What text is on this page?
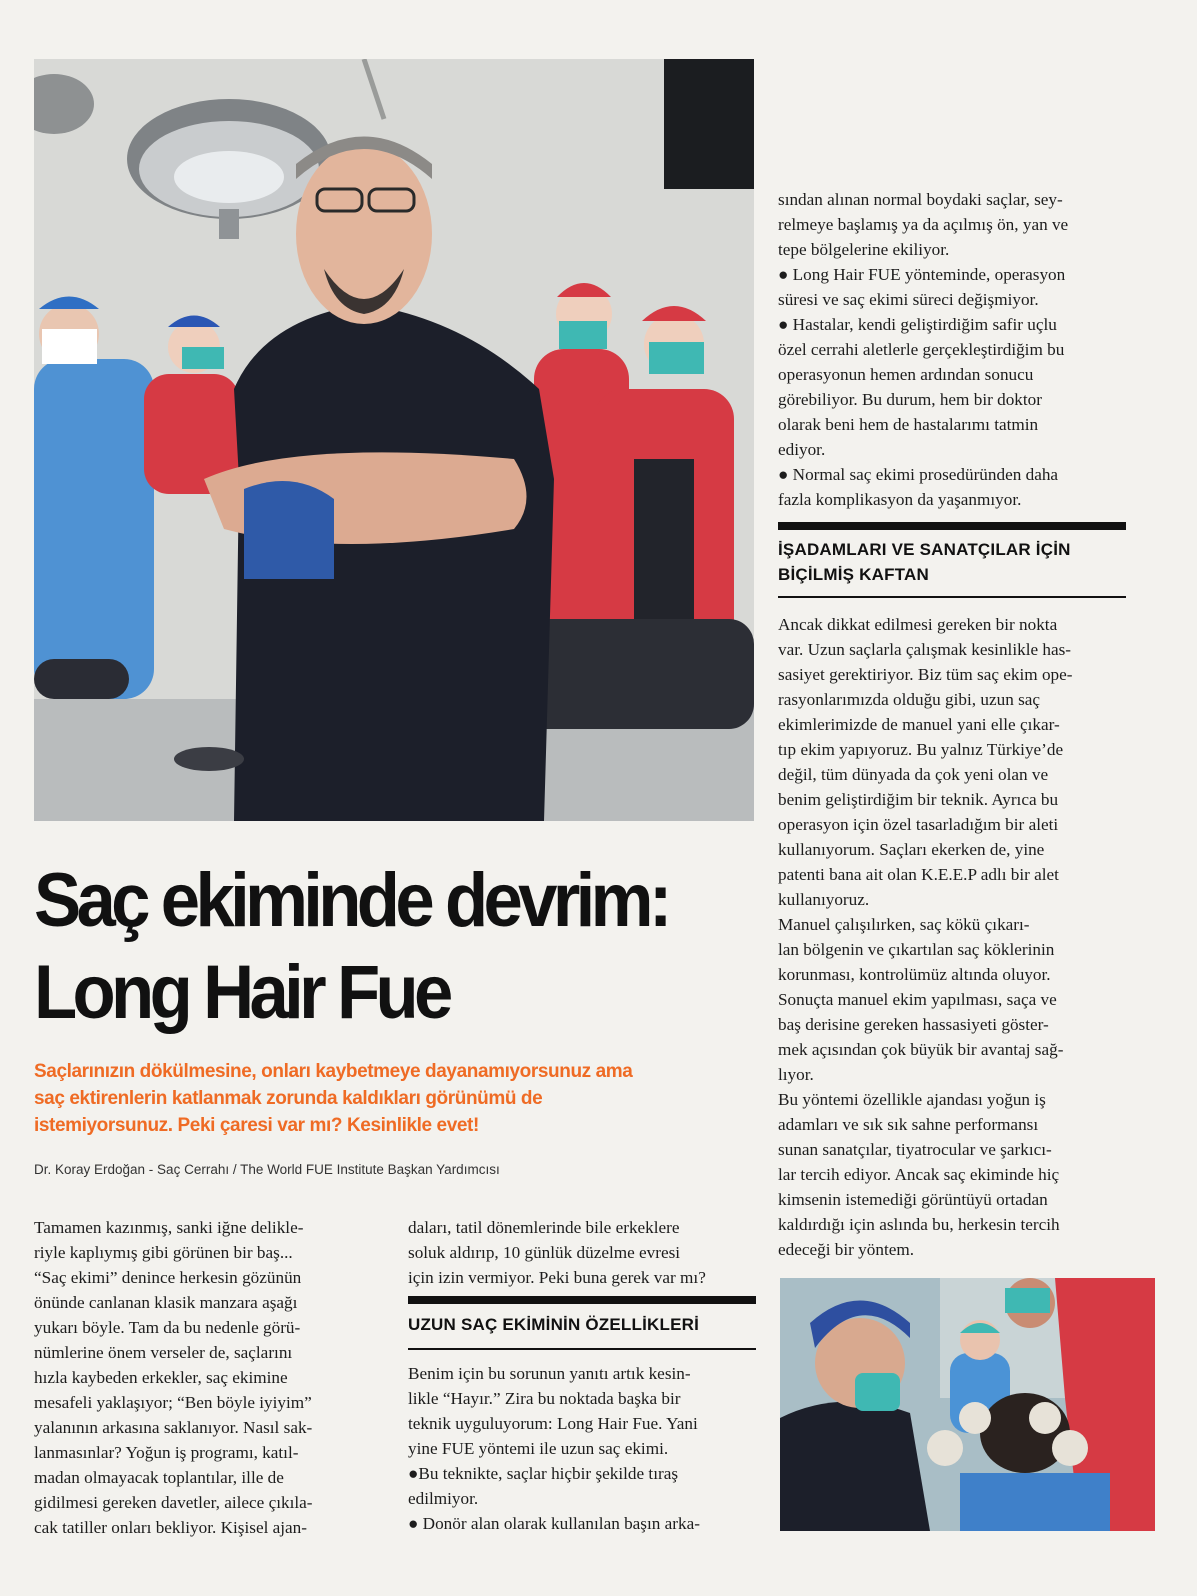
Saç ekiminde devrim:
Long Hair Fue
Saçlarınızın dökülmesine, onları kaybetmeye dayanamıyorsunuz ama
saç ektirenlerin katlanmak zorunda kaldıkları görünümü de
istemiyorsunuz. Peki çaresi var mı? Kesinlikle evet!
Dr. Koray Erdoğan - Saç Cerrahı / The World FUE Institute Başkan Yardımcısı
Tamamen kazınmış, sanki iğne delikle-
riyle kaplıymış gibi görünen bir baş...
“Saç ekimi” denince herkesin gözünün
önünde canlanan klasik manzara aşağı
yukarı böyle. Tam da bu nedenle görü-
nümlerine önem verseler de, saçlarını
hızla kaybeden erkekler, saç ekimine
mesafeli yaklaşıyor; “Ben böyle iyiyim”
yalanının arkasına saklanıyor. Nasıl sak-
lanmasınlar? Yoğun iş programı, katıl-
madan olmayacak toplantılar, ille de
gidilmesi gereken davetler, ailece çıkıla-
cak tatiller onları bekliyor. Kişisel ajan-
daları, tatil dönemlerinde bile erkeklere
soluk aldırıp, 10 günlük düzelme evresi
için izin vermiyor. Peki buna gerek var mı?
UZUN SAÇ EKİMİNİN ÖZELLİKLERİ
Benim için bu sorunun yanıtı artık kesin-
likle “Hayır.” Zira bu noktada başka bir
teknik uyguluyorum: Long Hair Fue. Yani
yine FUE yöntemi ile uzun saç ekimi.
●Bu teknikte, saçlar hiçbir şekilde tıraş
edilmiyor.
● Donör alan olarak kullanılan başın arka-
sından alınan normal boydaki saçlar, sey-
relmeye başlamış ya da açılmış ön, yan ve
tepe bölgelerine ekiliyor.
● Long Hair FUE yönteminde, operasyon
süresi ve saç ekimi süreci değişmiyor.
● Hastalar, kendi geliştirdiğim safir uçlu
özel cerrahi aletlerle gerçekleştirdiğim bu
operasyonun hemen ardından sonucu
görebiliyor. Bu durum, hem bir doktor
olarak beni hem de hastalarımı tatmin
ediyor.
● Normal saç ekimi prosedüründen daha
fazla komplikasyon da yaşanmıyor.
İŞADAMLARI VE SANATÇILAR İÇİN
BİÇİLMİŞ KAFTAN
Ancak dikkat edilmesi gereken bir nokta
var. Uzun saçlarla çalışmak kesinlikle has-
sasiyet gerektiriyor. Biz tüm saç ekim ope-
rasyonlarımızda olduğu gibi, uzun saç
ekimlerimizde de manuel yani elle çıkar-
tıp ekim yapıyoruz. Bu yalnız Türkiye’de
değil, tüm dünyada da çok yeni olan ve
benim geliştirdiğim bir teknik. Ayrıca bu
operasyon için özel tasarladığım bir aleti
kullanıyorum. Saçları ekerken de, yine
patenti bana ait olan K.E.E.P adlı bir alet
kullanıyoruz.
Manuel çalışılırken, saç kökü çıkarı-
lan bölgenin ve çıkartılan saç köklerinin
korunması, kontrolümüz altında oluyor.
Sonuçta manuel ekim yapılması, saça ve
baş derisine gereken hassasiyeti göster-
mek açısından çok büyük bir avantaj sağ-
lıyor.
Bu yöntemi özellikle ajandası yoğun iş
adamları ve sık sık sahne performansı
sunan sanatçılar, tiyatrocular ve şarkıcı-
lar tercih ediyor. Ancak saç ekiminde hiç
kimsenin istemediği görüntüyü ortadan
kaldırdığı için aslında bu, herkesin tercih
edeceği bir yöntem.
